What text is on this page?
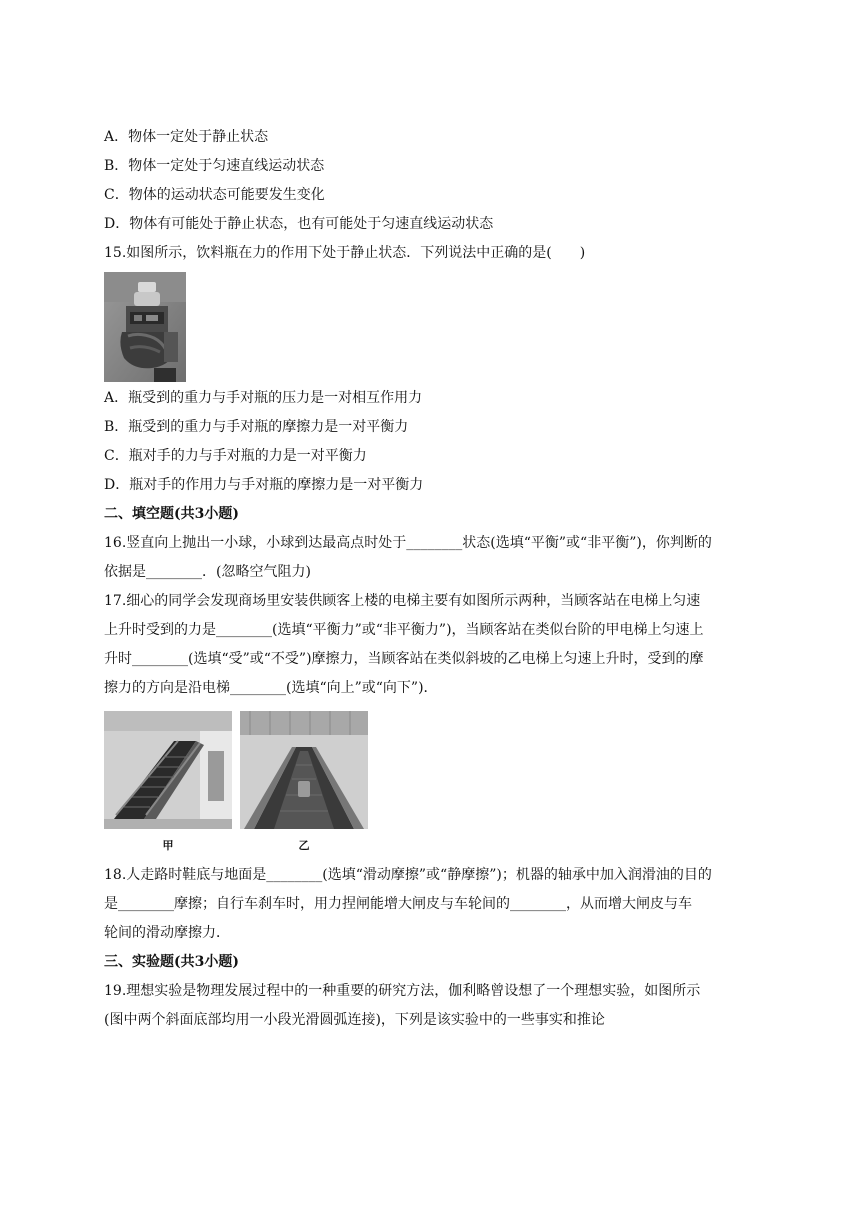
A．物体一定处于静止状态
B．物体一定处于匀速直线运动状态
C．物体的运动状态可能要发生变化
D．物体有可能处于静止状态，也有可能处于匀速直线运动状态
15.如图所示，饮料瓶在力的作用下处于静止状态．下列说法中正确的是(　　)
A．瓶受到的重力与手对瓶的压力是一对相互作用力
B．瓶受到的重力与手对瓶的摩擦力是一对平衡力
C．瓶对手的力与手对瓶的力是一对平衡力
D．瓶对手的作用力与手对瓶的摩擦力是一对平衡力
二、填空题(共3小题)
16.竖直向上抛出一小球，小球到达最高点时处于________状态(选填“平衡”或“非平衡”)，你判断的
依据是________．(忽略空气阻力)
17.细心的同学会发现商场里安装供顾客上楼的电梯主要有如图所示两种，当顾客站在电梯上匀速
上升时受到的力是________(选填“平衡力”或“非平衡力”)，当顾客站在类似台阶的甲电梯上匀速上
升时________(选填“受”或“不受”)摩擦力，当顾客站在类似斜坡的乙电梯上匀速上升时，受到的摩
擦力的方向是沿电梯________(选填“向上”或“向下”)．
甲	乙
18.人走路时鞋底与地面是________(选填“滑动摩擦”或“静摩擦”)；机器的轴承中加入润滑油的目的
是________摩擦；自行车刹车时，用力捏闸能增大闸皮与车轮间的________，从而增大闸皮与车
轮间的滑动摩擦力．
三、实验题(共3小题)
19.理想实验是物理发展过程中的一种重要的研究方法，伽利略曾设想了一个理想实验，如图所示
(图中两个斜面底部均用一小段光滑圆弧连接)，下列是该实验中的一些事实和推论
